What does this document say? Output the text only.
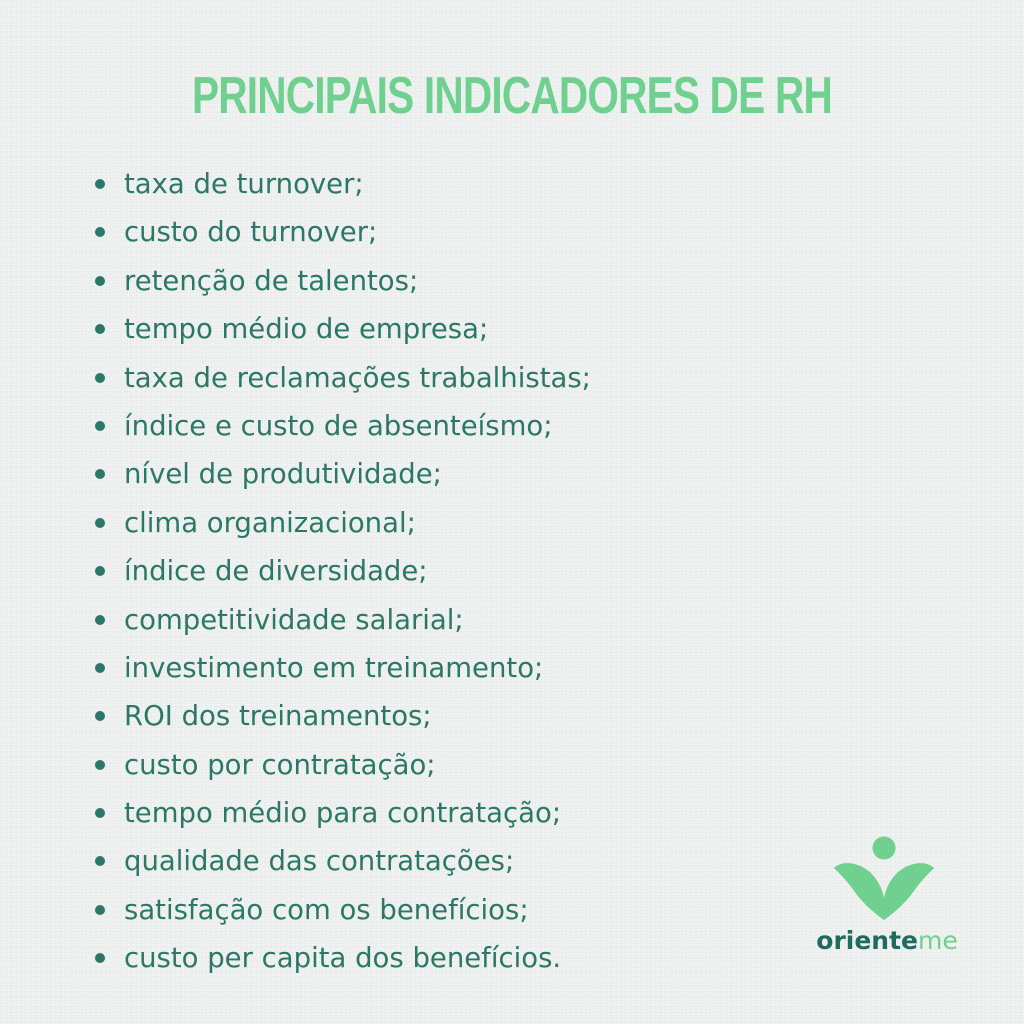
PRINCIPAIS INDICADORES DE RH
taxa de turnover;
custo do turnover;
retenção de talentos;
tempo médio de empresa;
taxa de reclamações trabalhistas;
índice e custo de absenteísmo;
nível de produtividade;
clima organizacional;
índice de diversidade;
competitividade salarial;
investimento em treinamento;
ROI dos treinamentos;
custo por contratação;
tempo médio para contratação;
qualidade das contratações;
satisfação com os benefícios;
custo per capita dos benefícios.
orienteme
